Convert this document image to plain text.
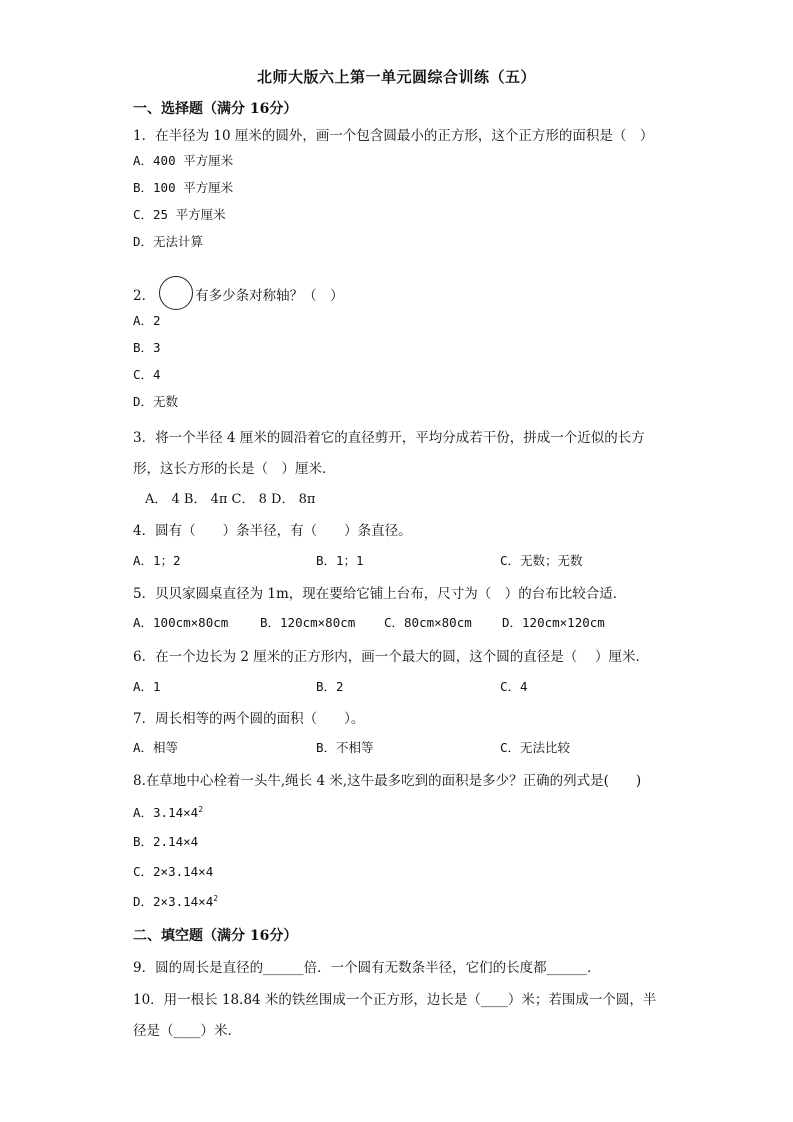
北师大版六上第一单元圆综合训练（五）
一、选择题（满分 16分）
1．在半径为 10 厘米的圆外，画一个包含圆最小的正方形，这个正方形的面积是（　）
A．400 平方厘米
B．100 平方厘米
C．25 平方厘米
D．无法计算
2．	有多少条对称轴？（　）
A．2
B．3
C．4
D．无数
3．将一个半径 4 厘米的圆沿着它的直径剪开，平均分成若干份，拼成一个近似的长方
形，这长方形的长是（　）厘米．
A． 4 B． 4π C． 8 D． 8π
4．圆有（　　）条半径，有（　　）条直径。
A．1；2	B．1；1	C．无数；无数
5．贝贝家圆桌直径为 1m，现在要给它铺上台布，尺寸为（　）的台布比较合适．
A．100cm×80cm	B．120cm×80cm C．80cm×80cm D．120cm×120cm
6．在一个边长为 2 厘米的正方形内，画一个最大的圆，这个圆的直径是（　 ）厘米．
A．1	B．2	C．4
7．周长相等的两个圆的面积（　　）。
A．相等	B．不相等	C．无法比较
8.在草地中心栓着一头牛,绳长 4 米,这牛最多吃到的面积是多少？正确的列式是(　　)
A．$3.14\times 4^2$
B．2.14×4
C．2×3.14×4
D．$2\times 3.14\times 4^2$
二、填空题（满分 16分）
9．圆的周长是直径的______倍．一个圆有无数条半径，它们的长度都______．
10．用一根长 18.84 米的铁丝围成一个正方形，边长是（____）米；若围成一个圆，半
径是（____）米．
